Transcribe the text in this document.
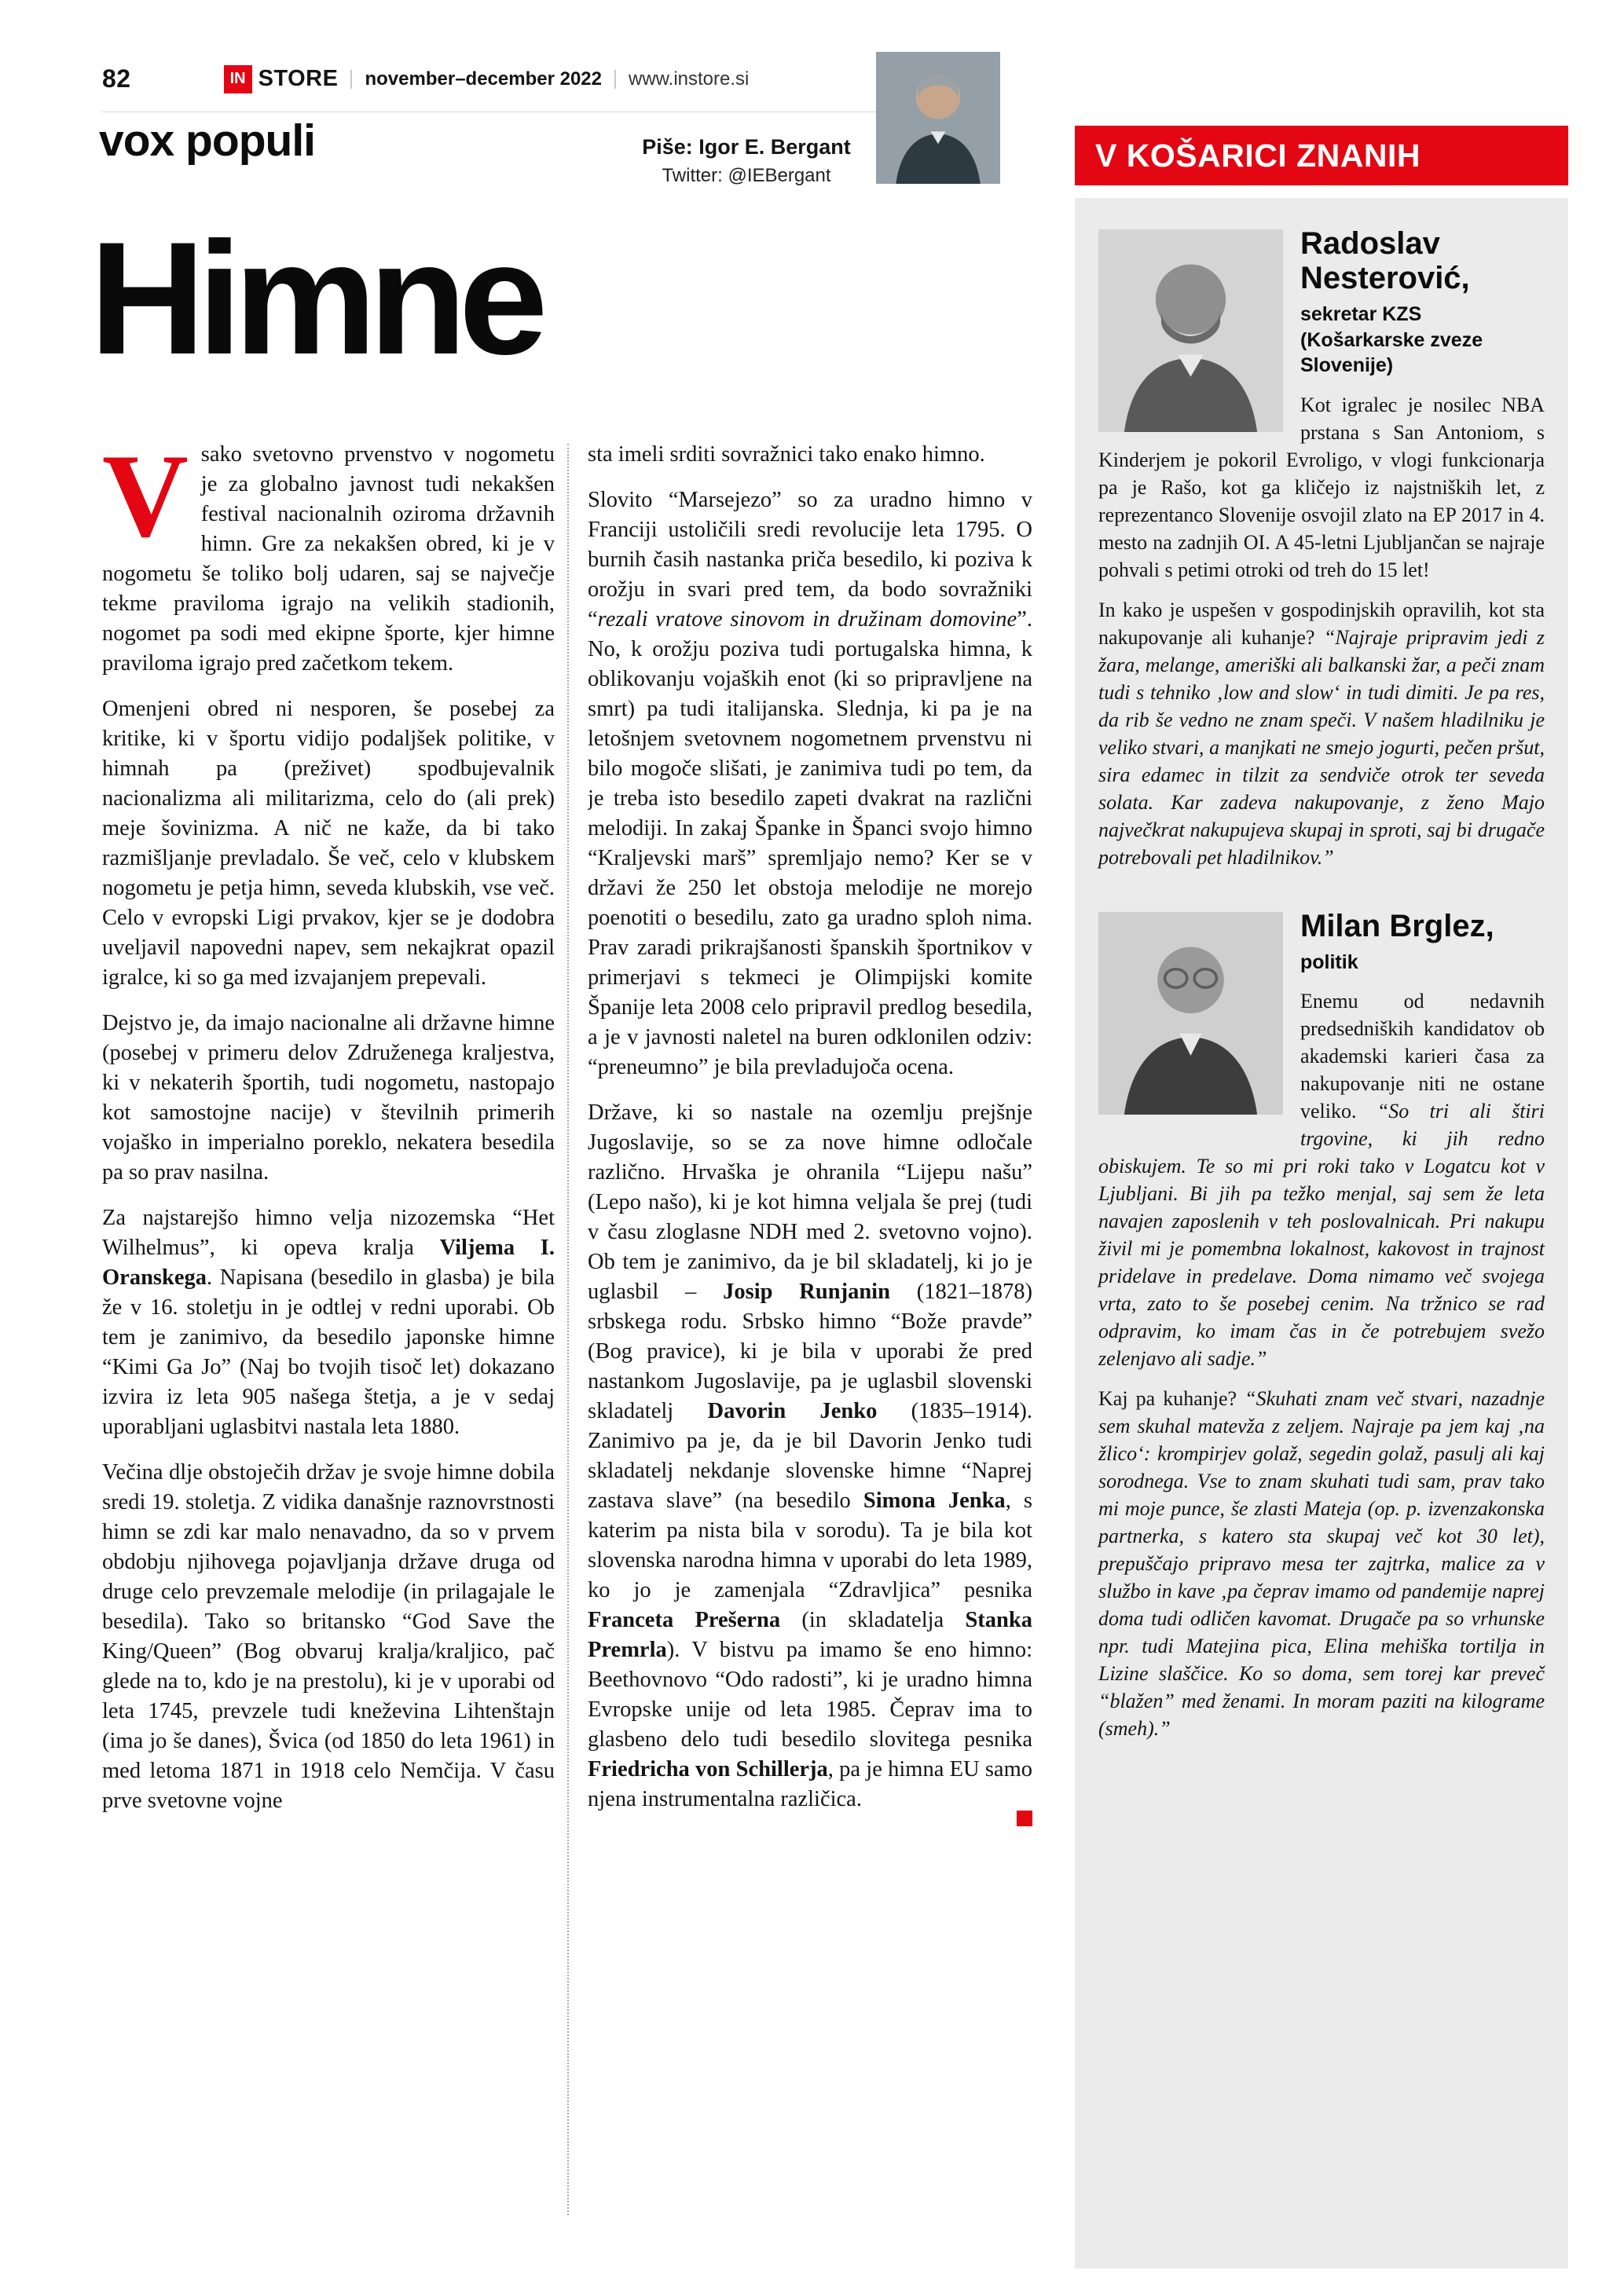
82	IN STORE november–december 2022 www.instore.si
vox populi	Piše: Igor E. Bergant
Twitter: @IEBergant
Himne

Vsako svetovno prvenstvo v nogometu je za globalno javnost tudi nekakšen festival nacionalnih oziroma državnih himn. Gre za nekakšen obred, ki je v nogometu še toliko bolj udaren, saj se največje tekme praviloma igrajo na velikih stadionih, nogomet pa sodi med ekipne športe, kjer himne praviloma igrajo pred začetkom tekem.

Omenjeni obred ni nesporen, še posebej za kritike, ki v športu vidijo podaljšek politike, v himnah pa (preživet) spodbujevalnik nacionalizma ali militarizma, celo do (ali prek) meje šovinizma. A nič ne kaže, da bi tako razmišljanje prevladalo. Še več, celo v klubskem nogometu je petja himn, seveda klubskih, vse več. Celo v evropski Ligi prvakov, kjer se je dodobra uveljavil napovedni napev, sem nekajkrat opazil igralce, ki so ga med izvajanjem prepevali.

Dejstvo je, da imajo nacionalne ali državne himne (posebej v primeru delov Združenega kraljestva, ki v nekaterih športih, tudi nogometu, nastopajo kot samostojne nacije) v številnih primerih vojaško in imperialno poreklo, nekatera besedila pa so prav nasilna.

Za najstarejšo himno velja nizozemska “Het Wilhelmus”, ki opeva kralja Viljema I. Oranskega. Napisana (besedilo in glasba) je bila že v 16. stoletju in je odtlej v redni uporabi. Ob tem je zanimivo, da besedilo japonske himne “Kimi Ga Jo” (Naj bo tvojih tisoč let) dokazano izvira iz leta 905 našega štetja, a je v sedaj uporabljani uglasbitvi nastala leta 1880.

Večina dlje obstoječih držav je svoje himne dobila sredi 19. stoletja. Z vidika današnje raznovrstnosti himn se zdi kar malo nenavadno, da so v prvem obdobju njihovega pojavljanja države druga od druge celo prevzemale melodije (in prilagajale le besedila). Tako so britansko “God Save the King/Queen” (Bog obvaruj kralja/kraljico, pač glede na to, kdo je na prestolu), ki je v uporabi od leta 1745, prevzele tudi kneževina Lihtenštajn (ima jo še danes), Švica (od 1850 do leta 1961) in med letoma 1871 in 1918 celo Nemčija. V času prve svetovne vojne

sta imeli srditi sovražnici tako enako himno.

Slovito “Marsejezo” so za uradno himno v Franciji ustoličili sredi revolucije leta 1795. O burnih časih nastanka priča besedilo, ki poziva k orožju in svari pred tem, da bodo sovražniki “rezali vratove sinovom in družinam domovine”. No, k orožju poziva tudi portugalska himna, k oblikovanju vojaških enot (ki so pripravljene na smrt) pa tudi italijanska. Slednja, ki pa je na letošnjem svetovnem nogometnem prvenstvu ni bilo mogoče slišati, je zanimiva tudi po tem, da je treba isto besedilo zapeti dvakrat na različni melodiji. In zakaj Španke in Španci svojo himno “Kraljevski marš” spremljajo nemo? Ker se v državi že 250 let obstoja melodije ne morejo poenotiti o besedilu, zato ga uradno sploh nima. Prav zaradi prikrajšanosti španskih športnikov v primerjavi s tekmeci je Olimpijski komite Španije leta 2008 celo pripravil predlog besedila, a je v javnosti naletel na buren odklonilen odziv: “preneumno” je bila prevladujoča ocena.

Države, ki so nastale na ozemlju prejšnje Jugoslavije, so se za nove himne odločale različno. Hrvaška je ohranila “Lijepu našu” (Lepo našo), ki je kot himna veljala še prej (tudi v času zloglasne NDH med 2. svetovno vojno). Ob tem je zanimivo, da je bil skladatelj, ki jo je uglasbil – Josip Runjanin (1821–1878) srbskega rodu. Srbsko himno “Bože pravde” (Bog pravice), ki je bila v uporabi že pred nastankom Jugoslavije, pa je uglasbil slovenski skladatelj Davorin Jenko (1835–1914). Zanimivo pa je, da je bil Davorin Jenko tudi skladatelj nekdanje slovenske himne “Naprej zastava slave” (na besedilo Simona Jenka, s katerim pa nista bila v sorodu). Ta je bila kot slovenska narodna himna v uporabi do leta 1989, ko jo je zamenjala “Zdravljica” pesnika Franceta Prešerna (in skladatelja Stanka Premrla). V bistvu pa imamo še eno himno: Beethovnovo “Odo radosti”, ki je uradno himna Evropske unije od leta 1985. Čeprav ima to glasbeno delo tudi besedilo slovitega pesnika Friedricha von Schillerja, pa je himna EU samo njena instrumentalna različica.

V KOŠARICI ZNANIH
Radoslav Nesterović,
sekretar KZS (Košarkarske zveze Slovenije)

Kot igralec je nosilec NBA prstana s San Antoniom, s Kinderjem je pokoril Evroligo, v vlogi funkcionarja pa je Rašo, kot ga kličejo iz najstniških let, z reprezentanco Slovenije osvojil zlato na EP 2017 in 4. mesto na zadnjih OI. A 45-letni Ljubljančan se najraje pohvali s petimi otroki od treh do 15 let!

In kako je uspešen v gospodinjskih opravilih, kot sta nakupovanje ali kuhanje? “Najraje pripravim jedi z žara, melange, ameriški ali balkanski žar, a peči znam tudi s tehniko ‚low and slow‘ in tudi dimiti. Je pa res, da rib še vedno ne znam speči. V našem hladilniku je veliko stvari, a manjkati ne smejo jogurti, pečen pršut, sira edamec in tilzit za sendviče otrok ter seveda solata. Kar zadeva nakupovanje, z ženo Majo največkrat nakupujeva skupaj in sproti, saj bi drugače potrebovali pet hladilnikov.”

Milan Brglez,
politik

Enemu od nedavnih predsedniških kandidatov ob akademski karieri časa za nakupovanje niti ne ostane veliko. “So tri ali štiri trgovine, ki jih redno obiskujem. Te so mi pri roki tako v Logatcu kot v Ljubljani. Bi jih pa težko menjal, saj sem že leta navajen zaposlenih v teh poslovalnicah. Pri nakupu živil mi je pomembna lokalnost, kakovost in trajnost pridelave in predelave. Doma nimamo več svojega vrta, zato to še posebej cenim. Na tržnico se rad odpravim, ko imam čas in če potrebujem svežo zelenjavo ali sadje.”

Kaj pa kuhanje? “Skuhati znam več stvari, nazadnje sem skuhal matevža z zeljem. Najraje pa jem kaj ‚na žlico‘: krompirjev golaž, segedin golaž, pasulj ali kaj sorodnega. Vse to znam skuhati tudi sam, prav tako mi moje punce, še zlasti Mateja (op. p. izvenzakonska partnerka, s katero sta skupaj več kot 30 let), prepuščajo pripravo mesa ter zajtrka, malice za v službo in kave ‚pa čeprav imamo od pandemije naprej doma tudi odličen kavomat. Drugače pa so vrhunske npr. tudi Matejina pica, Elina mehiška tortilja in Lizine slaščice. Ko so doma, sem torej kar preveč “blažen” med ženami. In moram paziti na kilograme (smeh).”
